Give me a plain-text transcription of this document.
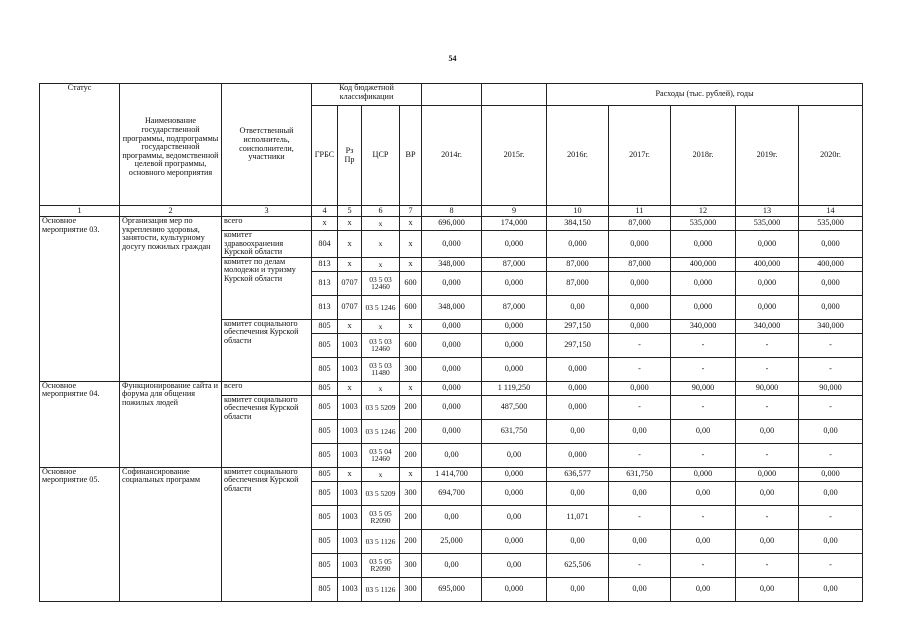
54
Статус	Наименование государственной программы, подпрограммы государственной программы, ведомственной целевой программы, основного мероприятия	Ответственный исполнитель, соисполнители, участники	Код бюджетной классификации						Расходы (тыс. рублей), годы				
			ГРБС	Рз Пр	ЦСР	ВР	2014г.	2015г.	2016г.	2017г.	2018г.	2019г.	2020г.
1	2	3	4	5	6	7	8	9	10	11	12	13	14
Основное мероприятие 03.	Организация мер по укреплению здоровья, занятости, культурному досугу пожилых граждан	всего	х	х	х	х	696,000	174,000	384,150	87,000	535,000	535,000	535,000
		комитет здравоохранения Курской области	804	х	х	х	0,000	0,000	0,000	0,000	0,000	0,000	0,000
		комитет по делам молодежи и туризму Курской области	813	х	х	х	348,000	87,000	87,000	87,000	400,000	400,000	400,000
			813	0707	03 5 03 12460	600	0,000	0,000	87,000	0,000	0,000	0,000	0,000
			813	0707	03 5 1246	600	348,000	87,000	0,00	0,000	0,000	0,000	0,000
		комитет социального обеспечения Курской области	805	х	х	х	0,000	0,000	297,150	0,000	340,000	340,000	340,000
			805	1003	03 5 03 12460	600	0,000	0,000	297,150	-	-	-	-
			805	1003	03 5 03 11480	300	0,000	0,000	0,000	-	-	-	-
Основное мероприятие 04.	Функционирование сайта и форума для общения пожилых людей	всего	805	х	х	х	0,000	1 119,250	0,000	0,000	90,000	90,000	90,000
		комитет социального обеспечения Курской области	805	1003	03 5 5209	200	0,000	487,500	0,000	-	-	-	-
			805	1003	03 5 1246	200	0,000	631,750	0,00	0,00	0,00	0,00	0,00
			805	1003	03 5 04 12460	200	0,00	0,00	0,000	-	-	-	-
Основное мероприятие 05.	Софинансирование социальных программ	комитет социального обеспечения Курской области	805	х	х	х	1 414,700	0,000	636,577	631,750	0,000	0,000	0,000
			805	1003	03 5 5209	300	694,700	0,000	0,00	0,00	0,00	0,00	0,00
			805	1003	03 5 05 R2090	200	0,00	0,00	11,071	-	-	-	-
			805	1003	03 5 1126	200	25,000	0,000	0,00	0,00	0,00	0,00	0,00
			805	1003	03 5 05 R2090	300	0,00	0,00	625,506	-	-	-	-
			805	1003	03 5 1126	300	695,000	0,000	0,00	0,00	0,00	0,00	0,00
